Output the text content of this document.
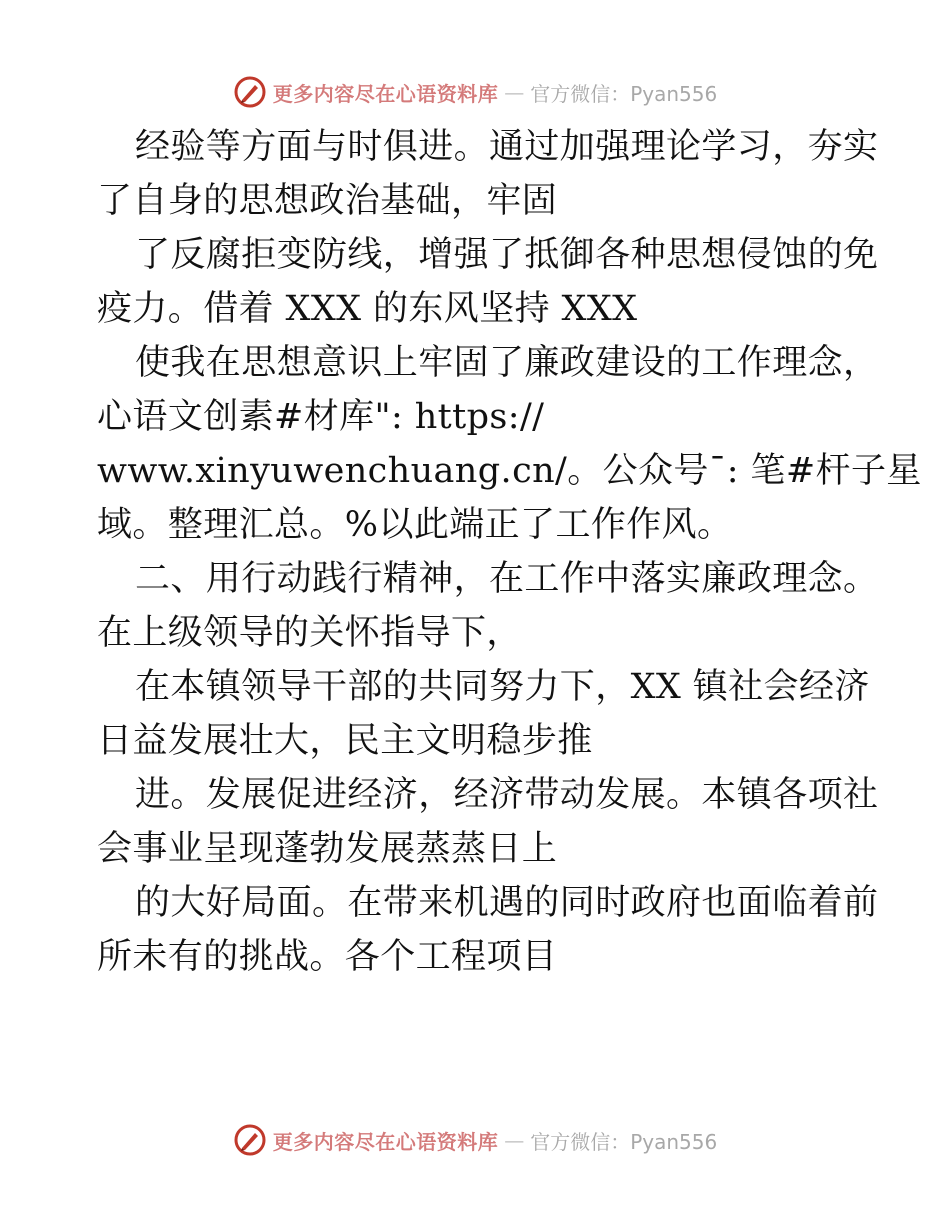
更多内容尽在心语资料库 — 官方微信：Pyan556
经验等方面与时俱进。通过加强理论学习，夯实
了自身的思想政治基础，牢固
了反腐拒变防线，增强了抵御各种思想侵蚀的免
疫力。借着 XXX 的东风坚持 XXX
使我在思想意识上牢固了廉政建设的工作理念，
心语文创素#材库": https://
www.xinyuwenchuang.cn/。公众号¯: 笔#杆子星
域。整理汇总。%以此端正了工作作风。
二、用行动践行精神，在工作中落实廉政理念。
在上级领导的关怀指导下，
在本镇领导干部的共同努力下，XX 镇社会经济
日益发展壮大，民主文明稳步推
进。发展促进经济，经济带动发展。本镇各项社
会事业呈现蓬勃发展蒸蒸日上
的大好局面。在带来机遇的同时政府也面临着前
所未有的挑战。各个工程项目
更多内容尽在心语资料库 — 官方微信：Pyan556
